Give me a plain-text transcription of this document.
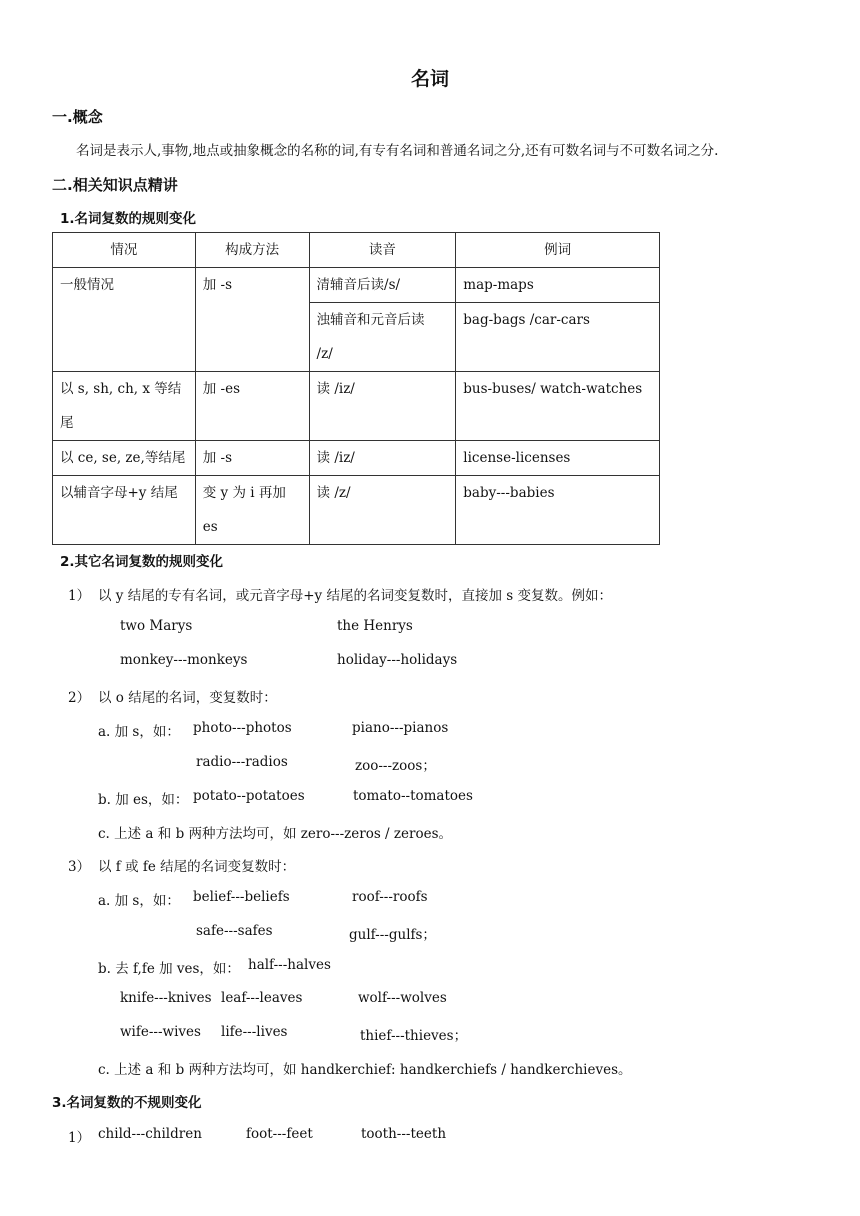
名词
一.概念
名词是表示人,事物,地点或抽象概念的名称的词,有专有名词和普通名词之分,还有可数名词与不可数名词之分.
二.相关知识点精讲
1.名词复数的规则变化
情况	构成方法	读音	例词

一般情况	加 -s	清辅音后读/s/	map-maps

		浊辅音和元音后读
/z/	bag-bags /car-cars

以 s, sh, ch, x 等结
尾	加 -es	读 /iz/	bus-buses/ watch-watches

以 ce, se, ze,等结尾	加 -s	读 /iz/	license-licenses

以辅音字母+y 结尾	变 y 为 i 再加
es	读 /z/	baby---babies
2.其它名词复数的规则变化
1） 以 y 结尾的专有名词，或元音字母+y 结尾的名词变复数时，直接加 s 变复数。例如：
two Marys	the Henrys
monkey---monkeys	holiday---holidays
2） 以 o 结尾的名词，变复数时：
a. 加 s，如： photo---photos	piano---pianos
radio---radios	zoo---zoos；
b. 加 es，如： potato--potatoes	tomato--tomatoes
c. 上述 a 和 b 两种方法均可，如 zero---zeros / zeroes。
3） 以 f 或 fe 结尾的名词变复数时：
a. 加 s，如： belief---beliefs	roof---roofs
safe---safes	gulf---gulfs；
b. 去 f,fe 加 ves，如： half---halves
knife---knives leaf---leaves	wolf---wolves
wife---wives life---lives	thief---thieves；
c. 上述 a 和 b 两种方法均可，如 handkerchief: handkerchiefs / handkerchieves。
3.名词复数的不规则变化
1） child---children	foot---feet	tooth---teeth
